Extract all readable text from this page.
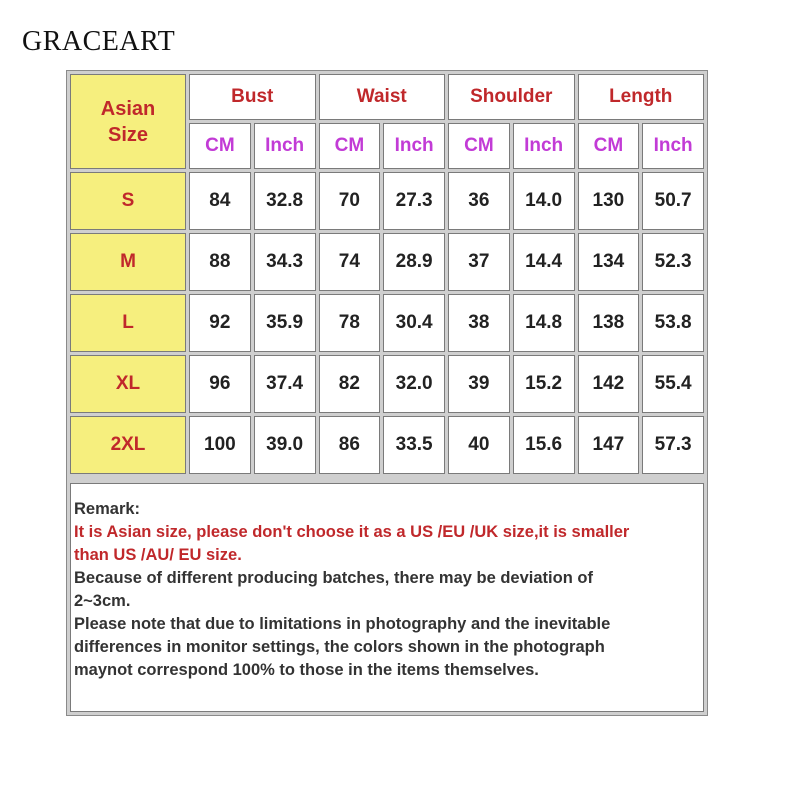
GRACEART
Asian
Size	Bust		Waist		Shoulder		Length	
	CM	Inch	CM	Inch	CM	Inch	CM	Inch
S	84	32.8	70	27.3	36	14.0	130	50.7
M	88	34.3	74	28.9	37	14.4	134	52.3
L	92	35.9	78	30.4	38	14.8	138	53.8
XL	96	37.4	82	32.0	39	15.2	142	55.4
2XL	100	39.0	86	33.5	40	15.6	147	57.3

Remark:

It is Asian size, please don't choose it as a US /EU /UK size,it is smaller

than US /AU/ EU size.

Because of different producing batches, there may be deviation of

2~3cm.

Please note that due to limitations in photography and the inevitable

differences in monitor settings, the colors shown in the photograph

maynot correspond 100% to those in the items themselves.
